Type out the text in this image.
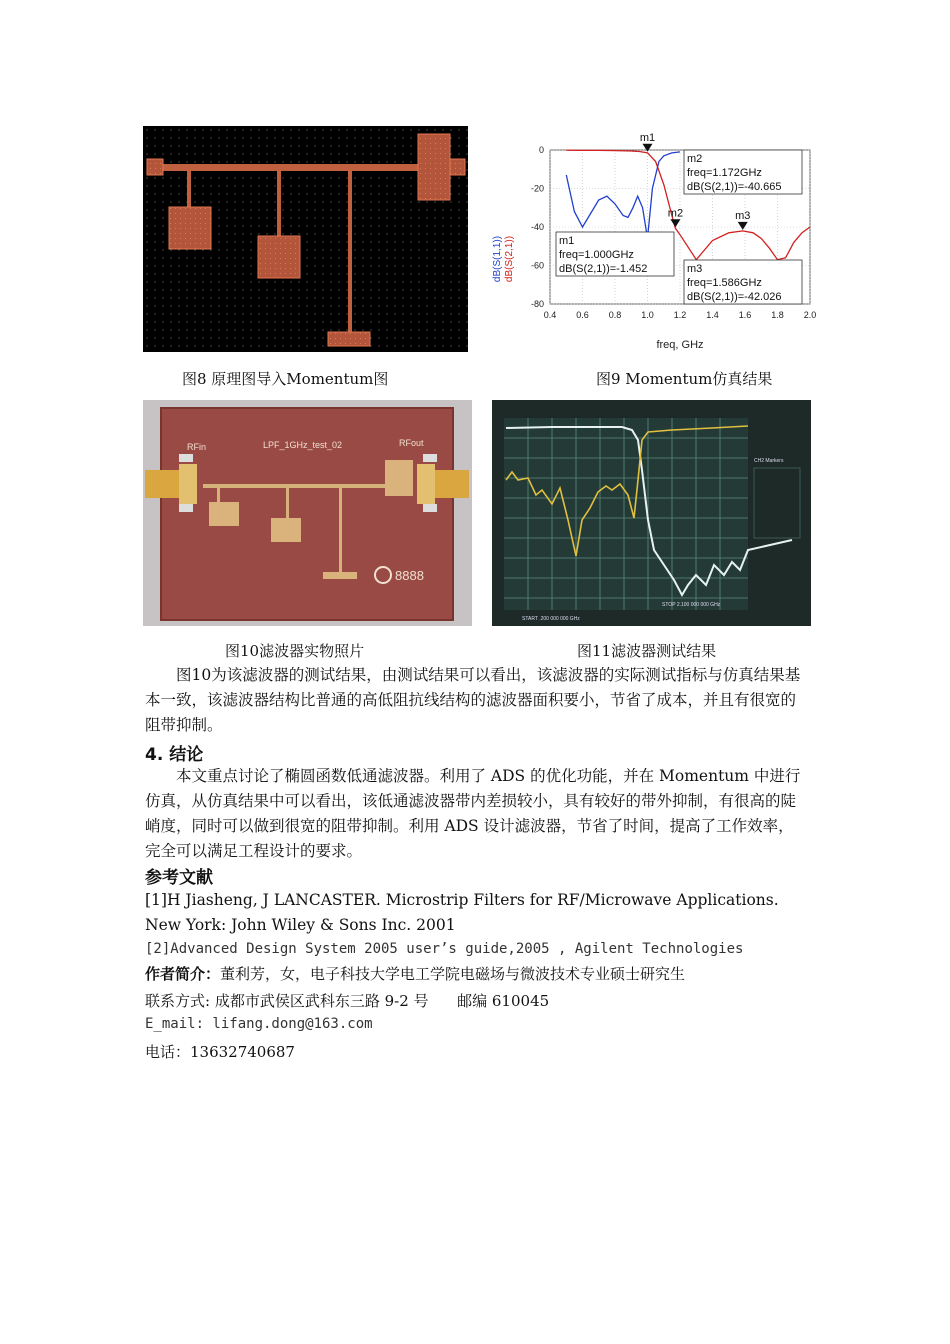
图8 原理图导入Momentum图
0.4 0.6 0.8 1.0 1.2 1.4 1.6 1.8 2.0
0
-20
-40
-60
-80
freq, GHz
dB(S(1,1)) dB(S(2,1))
m1
m1
freq=1.000GHz
dB(S(2,1))=-1.452
m2
m2
freq=1.172GHz
dB(S(2,1))=-40.665
m3
m3
freq=1.586GHz
dB(S(2,1))=-42.026
图9 Momentum仿真结果
LPF_1GHz_test_02
RFin	RFout
8888
图10滤波器实物照片
START .200 000 000 GHz
STOP 2.100 000 000 GHz
CH2 Markers
图11滤波器测试结果
图10为该滤波器的测试结果，由测试结果可以看出，该滤波器的实际测试指标与仿真结果基本一致，该滤波器结构比普通的高低阻抗线结构的滤波器面积要小，节省了成本，并且有很宽的阻带抑制。
4. 结论
本文重点讨论了椭圆函数低通滤波器。利用了 ADS 的优化功能，并在 Momentum 中进行仿真，从仿真结果中可以看出，该低通滤波器带内差损较小，具有较好的带外抑制，有很高的陡峭度，同时可以做到很宽的阻带抑制。利用 ADS 设计滤波器，节省了时间，提高了工作效率，完全可以满足工程设计的要求。
参考文献
[1]H Jiasheng, J LANCASTER. Microstrip Filters for RF/Microwave Applications. New York: John Wiley & Sons Inc. 2001
[2]Advanced Design System 2005 user’s guide,2005 , Agilent Technologies
作者简介：董利芳，女，电子科技大学电工学院电磁场与微波技术专业硕士研究生
联系方式: 成都市武侯区武科东三路 9-2 号      邮编 610045
E_mail: lifang.dong@163.com
电话：13632740687
